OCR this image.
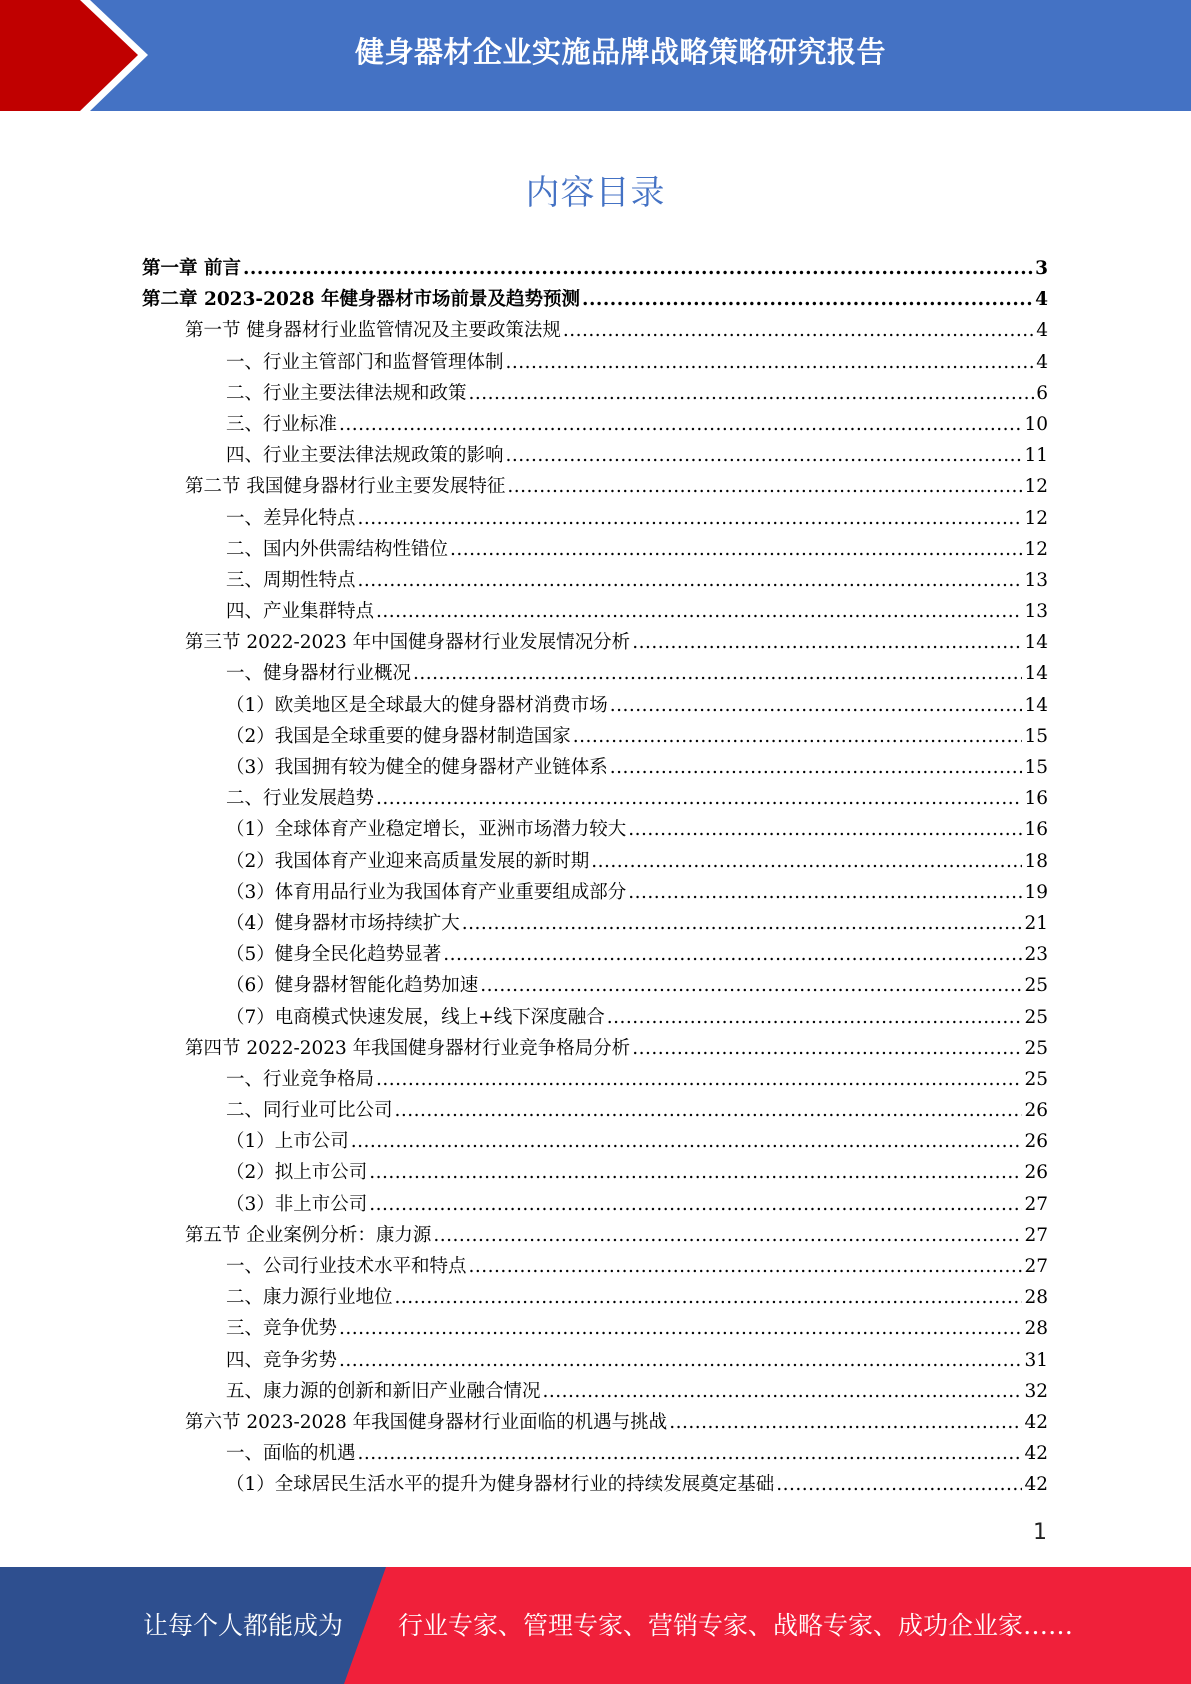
健身器材企业实施品牌战略策略研究报告
内容目录
第一章 前言 .....	3
第二章 2023-2028 年健身器材市场前景及趋势预测 .....	4
第一节 健身器材行业监管情况及主要政策法规 .....	4
一、行业主管部门和监督管理体制 .....	4
二、行业主要法律法规和政策 .....	6
三、行业标准 .....	10
四、行业主要法律法规政策的影响 .....	11
第二节 我国健身器材行业主要发展特征 .....	12
一、差异化特点 .....	12
二、国内外供需结构性错位 .....	12
三、周期性特点 .....	13
四、产业集群特点 .....	13
第三节 2022-2023 年中国健身器材行业发展情况分析 .....	14
一、健身器材行业概况 .....	14
（1）欧美地区是全球最大的健身器材消费市场 .....	14
（2）我国是全球重要的健身器材制造国家 .....	15
（3）我国拥有较为健全的健身器材产业链体系 .....	15
二、行业发展趋势 .....	16
（1）全球体育产业稳定增长，亚洲市场潜力较大 .....	16
（2）我国体育产业迎来高质量发展的新时期 .....	18
（3）体育用品行业为我国体育产业重要组成部分 .....	19
（4）健身器材市场持续扩大 .....	21
（5）健身全民化趋势显著 .....	23
（6）健身器材智能化趋势加速 .....	25
（7）电商模式快速发展，线上+线下深度融合 .....	25
第四节 2022-2023 年我国健身器材行业竞争格局分析 .....	25
一、行业竞争格局 .....	25
二、同行业可比公司 .....	26
（1）上市公司 .....	26
（2）拟上市公司 .....	26
（3）非上市公司 .....	27
第五节 企业案例分析：康力源 .....	27
一、公司行业技术水平和特点 .....	27
二、康力源行业地位 .....	28
三、竞争优势 .....	28
四、竞争劣势 .....	31
五、康力源的创新和新旧产业融合情况 .....	32
第六节 2023-2028 年我国健身器材行业面临的机遇与挑战 .....	42
一、面临的机遇 .....	42
（1）全球居民生活水平的提升为健身器材行业的持续发展奠定基础 .....	42
1
让每个人都能成为 行业专家、管理专家、营销专家、战略专家、成功企业家……
